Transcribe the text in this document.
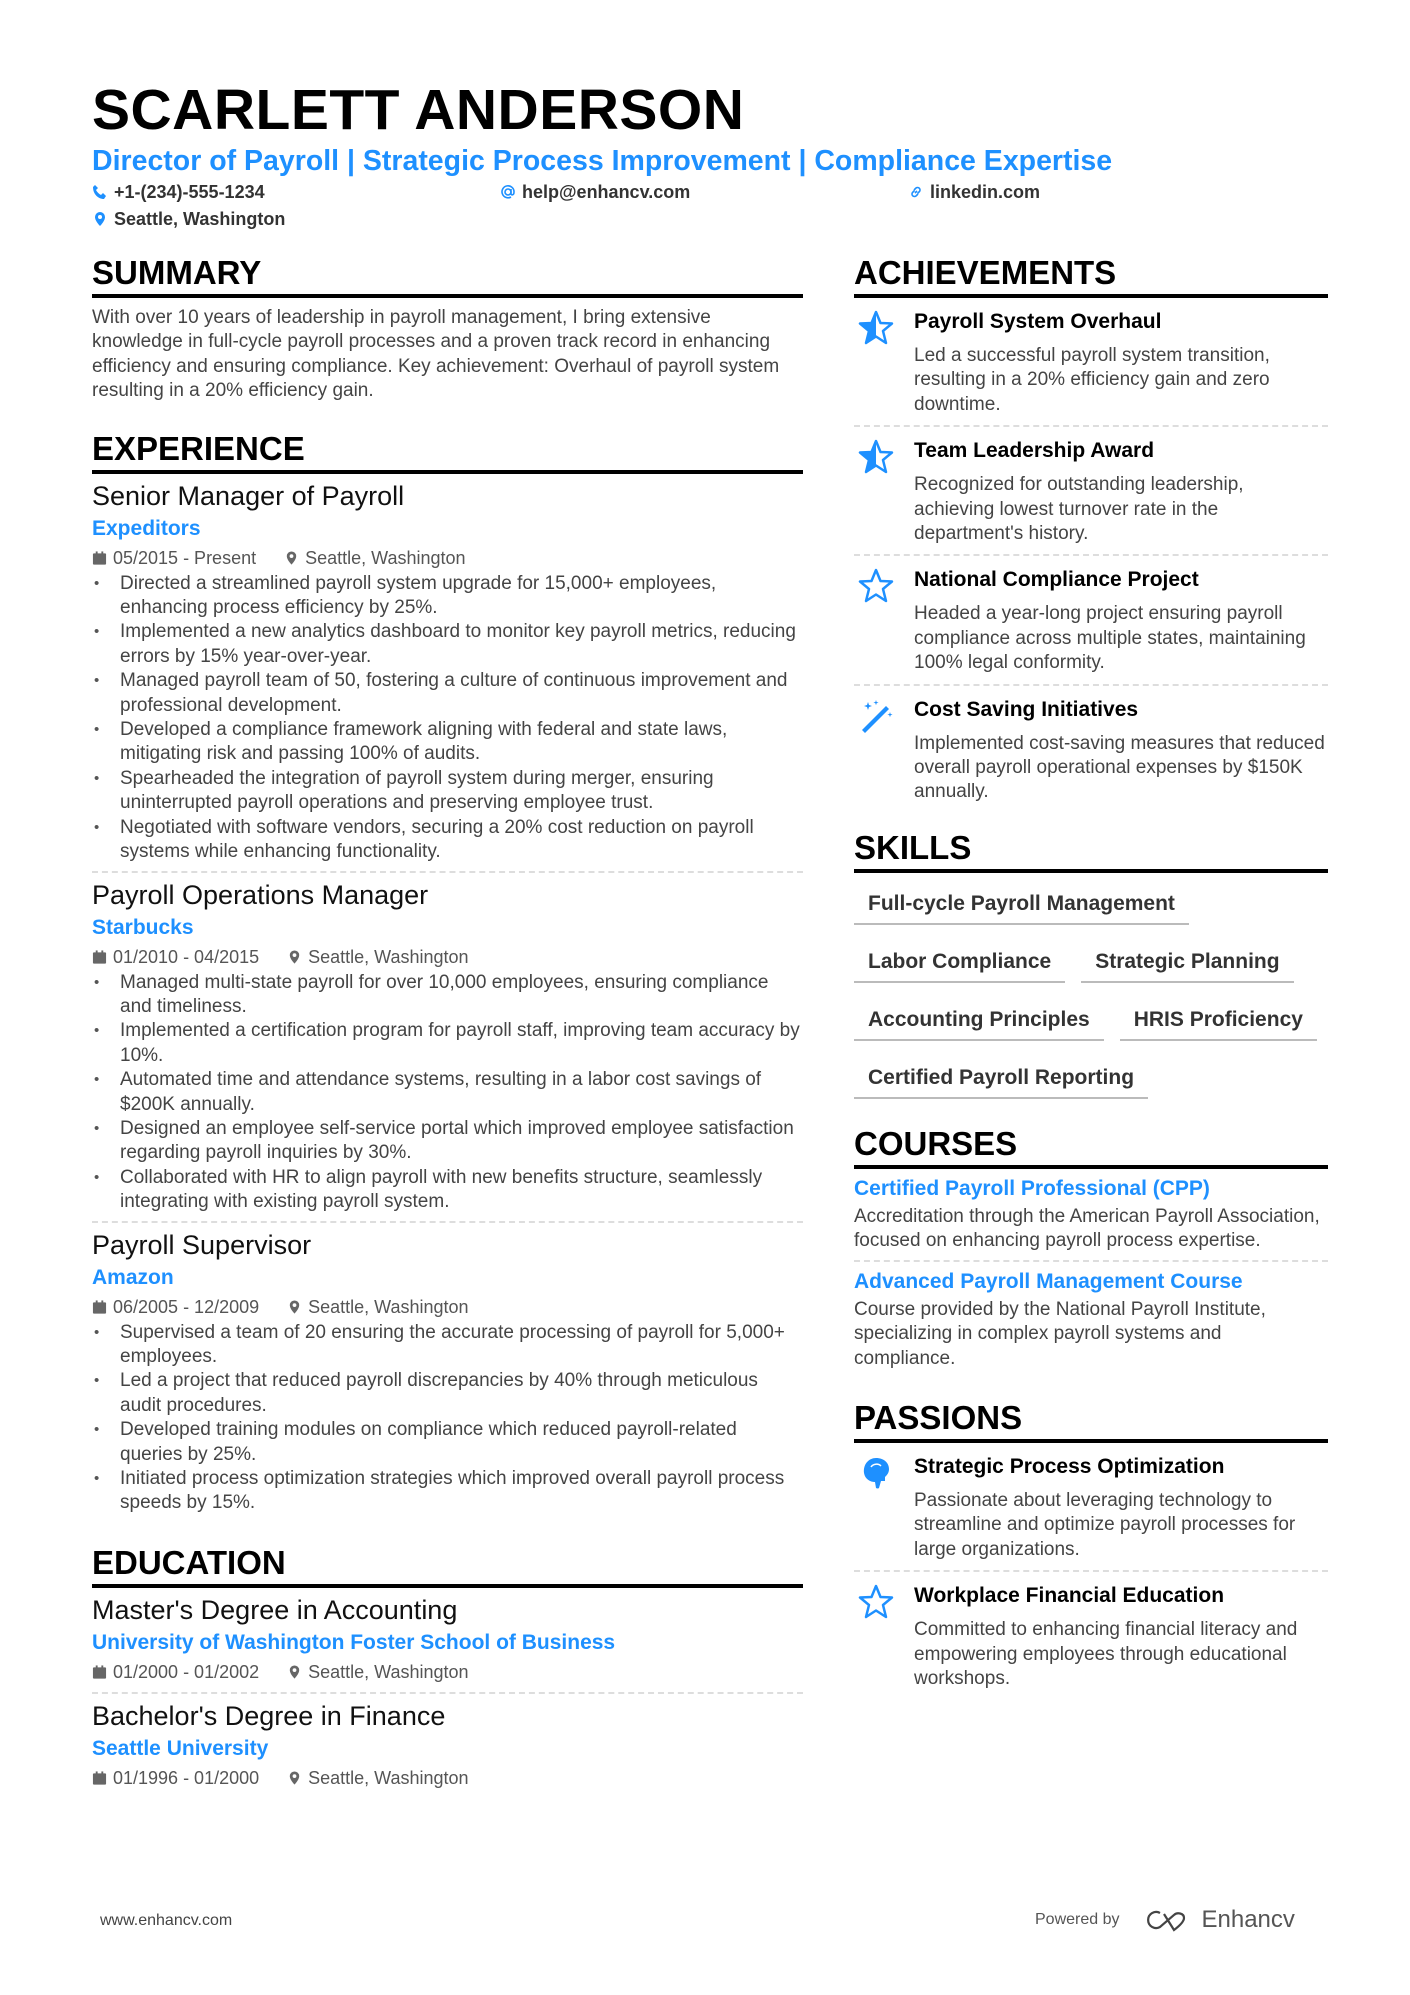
SCARLETT ANDERSON
Director of Payroll | Strategic Process Improvement | Compliance Expertise
+1-(234)-555-1234	help@enhancv.com	linkedin.com
Seattle, Washington
SUMMARY

With over 10 years of leadership in payroll management, I bring extensive knowledge in full-cycle payroll processes and a proven track record in enhancing efficiency and ensuring compliance. Key achievement: Overhaul of payroll system resulting in a 20% efficiency gain.

EXPERIENCE
Senior Manager of Payroll
Expeditors
05/2015 - Present	Seattle, Washington
• Directed a streamlined payroll system upgrade for 15,000+ employees, enhancing process efficiency by 25%.
• Implemented a new analytics dashboard to monitor key payroll metrics, reducing errors by 15% year-over-year.
• Managed payroll team of 50, fostering a culture of continuous improvement and professional development.
• Developed a compliance framework aligning with federal and state laws, mitigating risk and passing 100% of audits.
• Spearheaded the integration of payroll system during merger, ensuring uninterrupted payroll operations and preserving employee trust.
• Negotiated with software vendors, securing a 20% cost reduction on payroll systems while enhancing functionality.
Payroll Operations Manager
Starbucks
01/2010 - 04/2015	Seattle, Washington
• Managed multi-state payroll for over 10,000 employees, ensuring compliance and timeliness.
• Implemented a certification program for payroll staff, improving team accuracy by 10%.
• Automated time and attendance systems, resulting in a labor cost savings of $200K annually.
• Designed an employee self-service portal which improved employee satisfaction regarding payroll inquiries by 30%.
• Collaborated with HR to align payroll with new benefits structure, seamlessly integrating with existing payroll system.
Payroll Supervisor
Amazon
06/2005 - 12/2009	Seattle, Washington
• Supervised a team of 20 ensuring the accurate processing of payroll for 5,000+ employees.
• Led a project that reduced payroll discrepancies by 40% through meticulous audit procedures.
• Developed training modules on compliance which reduced payroll-related queries by 25%.
• Initiated process optimization strategies which improved overall payroll process speeds by 15%.
EDUCATION
Master's Degree in Accounting
University of Washington Foster School of Business
01/2000 - 01/2002	Seattle, Washington
Bachelor's Degree in Finance
Seattle University
01/1996 - 01/2000	Seattle, Washington
ACHIEVEMENTS
Payroll System Overhaul
Led a successful payroll system transition, resulting in a 20% efficiency gain and zero downtime.
Team Leadership Award
Recognized for outstanding leadership, achieving lowest turnover rate in the department's history.
National Compliance Project
Headed a year-long project ensuring payroll compliance across multiple states, maintaining 100% legal conformity.
Cost Saving Initiatives
Implemented cost-saving measures that reduced overall payroll operational expenses by $150K annually.
SKILLS
Full-cycle Payroll Management
Labor Compliance	Strategic Planning
Accounting Principles	HRIS Proficiency
Certified Payroll Reporting
COURSES
Certified Payroll Professional (CPP)
Accreditation through the American Payroll Association, focused on enhancing payroll process expertise.
Advanced Payroll Management Course
Course provided by the National Payroll Institute, specializing in complex payroll systems and compliance.
PASSIONS
Strategic Process Optimization
Passionate about leveraging technology to streamline and optimize payroll processes for large organizations.
Workplace Financial Education
Committed to enhancing financial literacy and empowering employees through educational workshops.
www.enhancv.com	Powered by	Enhancv
